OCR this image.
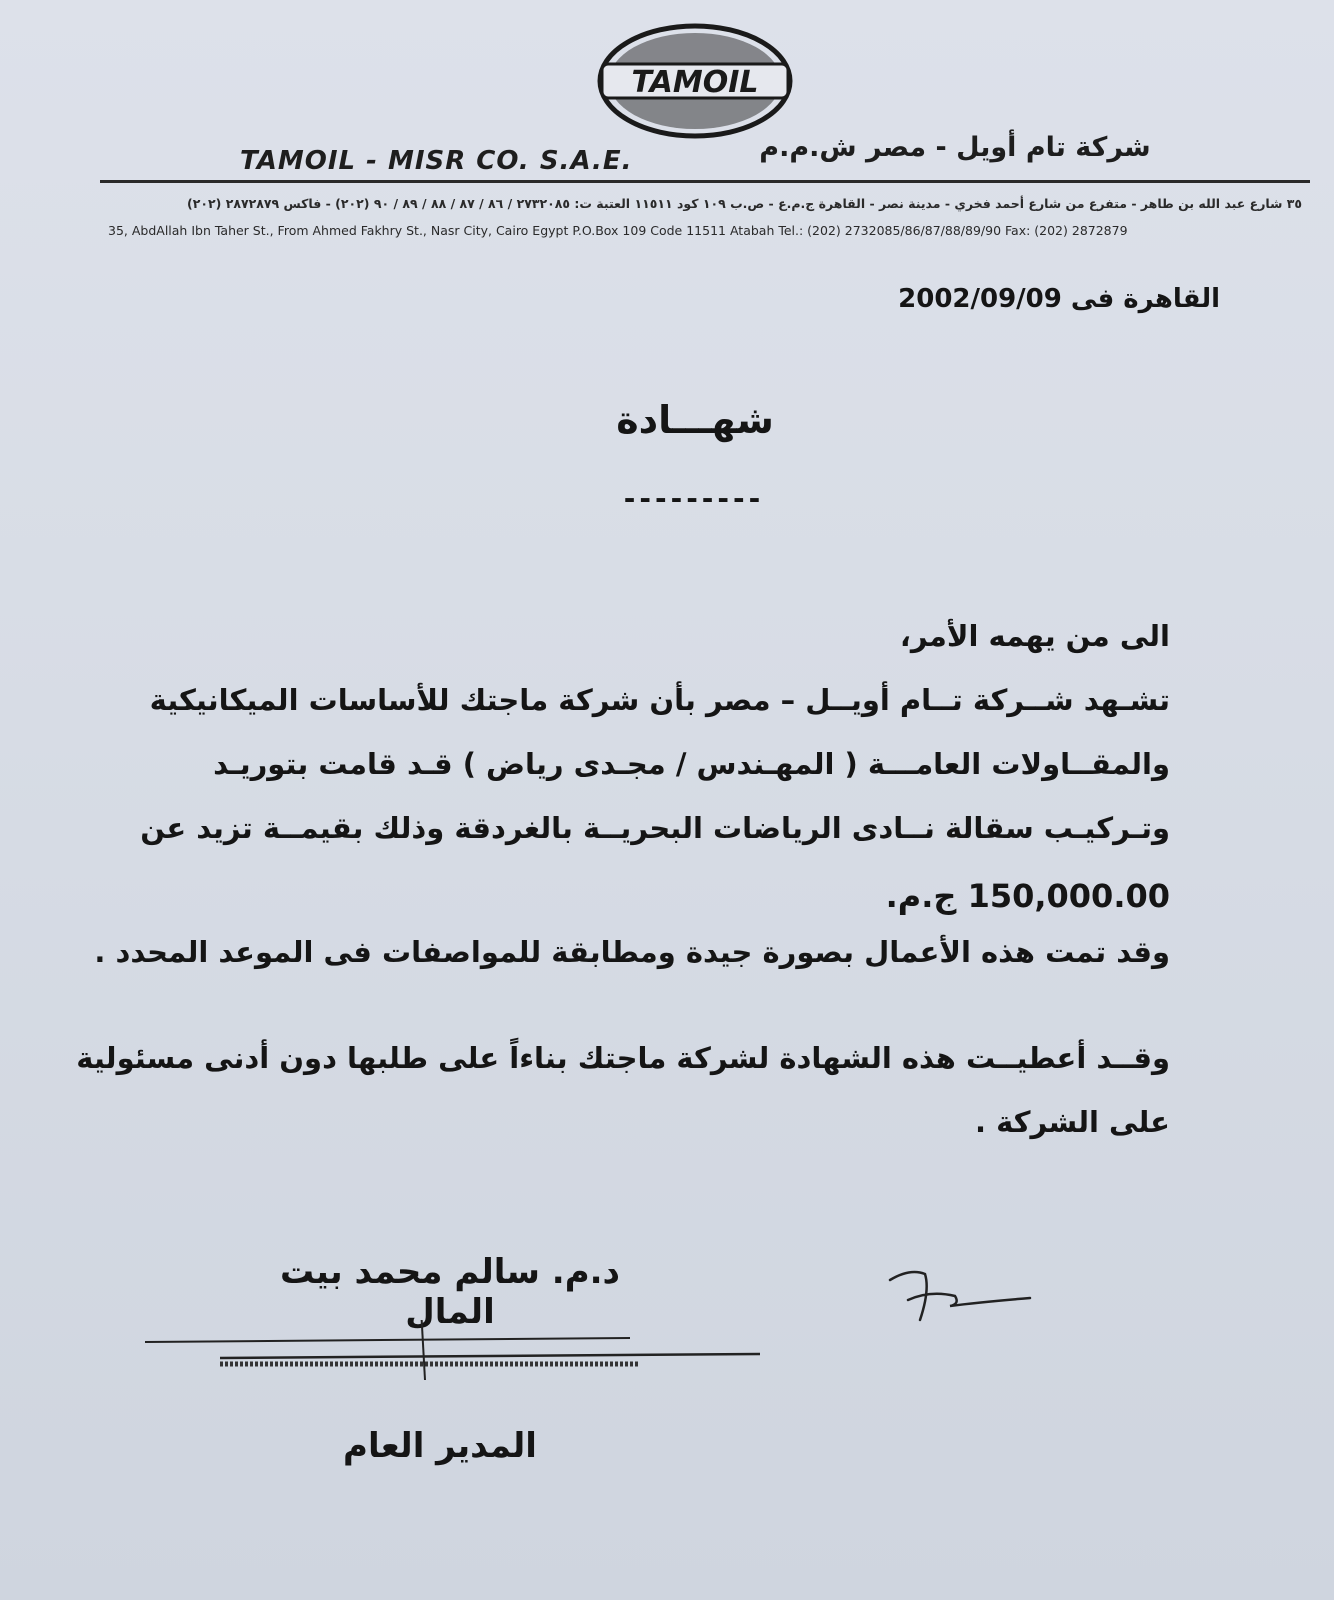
TAMOIL
شركة تام أويل - مصر ش.م.م
TAMOIL - MISR CO. S.A.E.
٣٥ شارع عبد الله بن طاهر - متفرع من شارع أحمد فخري - مدينة نصر - القاهرة ج.م.ع - ص.ب ١٠٩ كود ١١٥١١ العتبة ت: ٢٧٣٢٠٨٥ / ٨٦ / ٨٧ / ٨٨ / ٨٩ / ٩٠ (٢٠٢) - فاكس ٢٨٧٢٨٧٩ (٢٠٢)
35, AbdAllah Ibn Taher St., From Ahmed Fakhry St., Nasr City, Cairo Egypt P.O.Box 109 Code 11511 Atabah Tel.: (202) 2732085/86/87/88/89/90 Fax: (202) 2872879
القاهرة فى 2002/09/09
شهـــادة
---------
الى من يهمه الأمر،
تشـهد شــركة تــام أويــل – مصر بأن شركة ماجتك للأساسات الميكانيكية
والمقــاولات العامـــة ( المهـندس / مجـدى رياض ) قـد قامت بتوريـد
وتـركيـب سقالة نــادى الرياضات البحريــة بالغردقة وذلك بقيمــة تزيد عن
150,000.00 ج.م.
وقد تمت هذه الأعمال بصورة جيدة ومطابقة للمواصفات فى الموعد المحدد .
وقــد أعطيــت هذه الشهادة لشركة ماجتك بناءاً على طلبها دون أدنى مسئولية
على الشركة .
د.م. سالم محمد بيت المال
المدير العام
